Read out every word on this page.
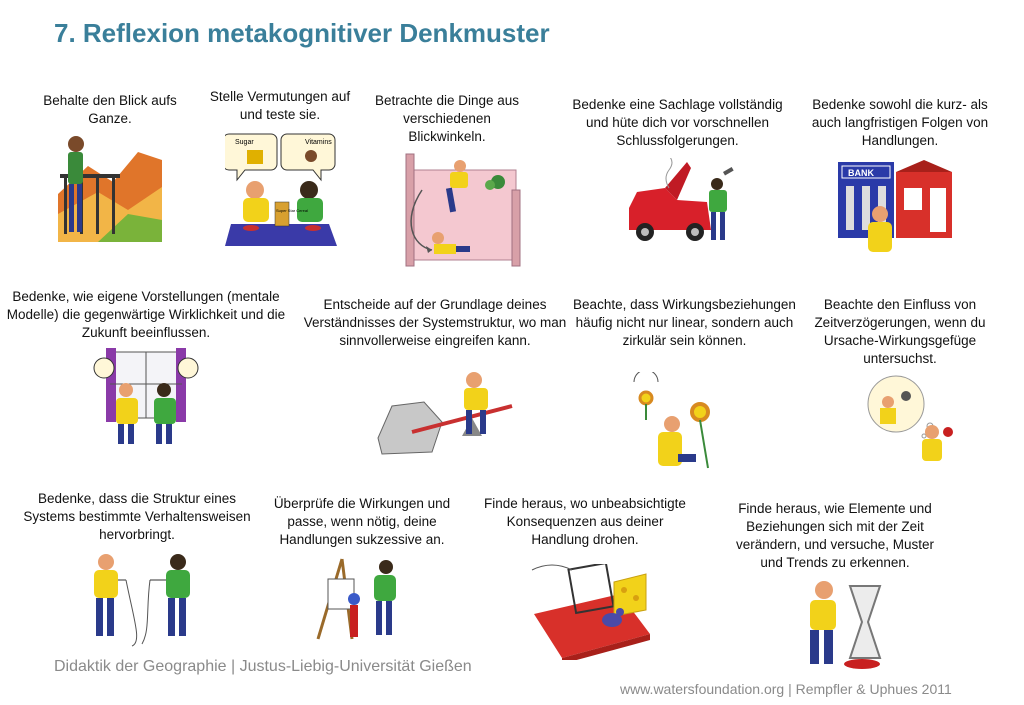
7. Reflexion metakognitiver Denkmuster
Behalte den Blick aufs Ganze.
Stelle Vermutungen auf und teste sie.
Sugar	Vitamins
Super Star Cereal
Betrachte die Dinge aus verschiedenen Blickwinkeln.
Bedenke eine Sachlage vollständig und hüte dich vor vorschnellen Schlussfolgerungen.
Bedenke sowohl die kurz- als auch langfristigen Folgen von Handlungen.
BANK
Bedenke, wie eigene Vorstellungen (mentale Modelle) die gegenwärtige Wirklichkeit und die Zukunft beeinflussen.
Entscheide auf der Grundlage deines Verständnisses der Systemstruktur, wo man sinnvollerweise eingreifen kann.
Beachte, dass Wirkungsbeziehungen häufig nicht nur linear, sondern auch zirkulär sein können.
Beachte den Einfluss von Zeitverzögerungen, wenn du Ursache-Wirkungsgefüge untersuchst.
Bedenke, dass die Struktur eines Systems bestimmte Verhaltensweisen hervorbringt.
Überprüfe die Wirkungen und passe, wenn nötig, deine Handlungen sukzessive an.
Finde heraus, wo unbeabsichtigte Konsequenzen aus deiner Handlung drohen.
Finde heraus, wie Elemente und Beziehungen sich mit der Zeit verändern, und versuche, Muster und Trends zu erkennen.
Didaktik der Geographie | Justus-Liebig-Universität Gießen
www.watersfoundation.org | Rempfler & Uphues 2011
